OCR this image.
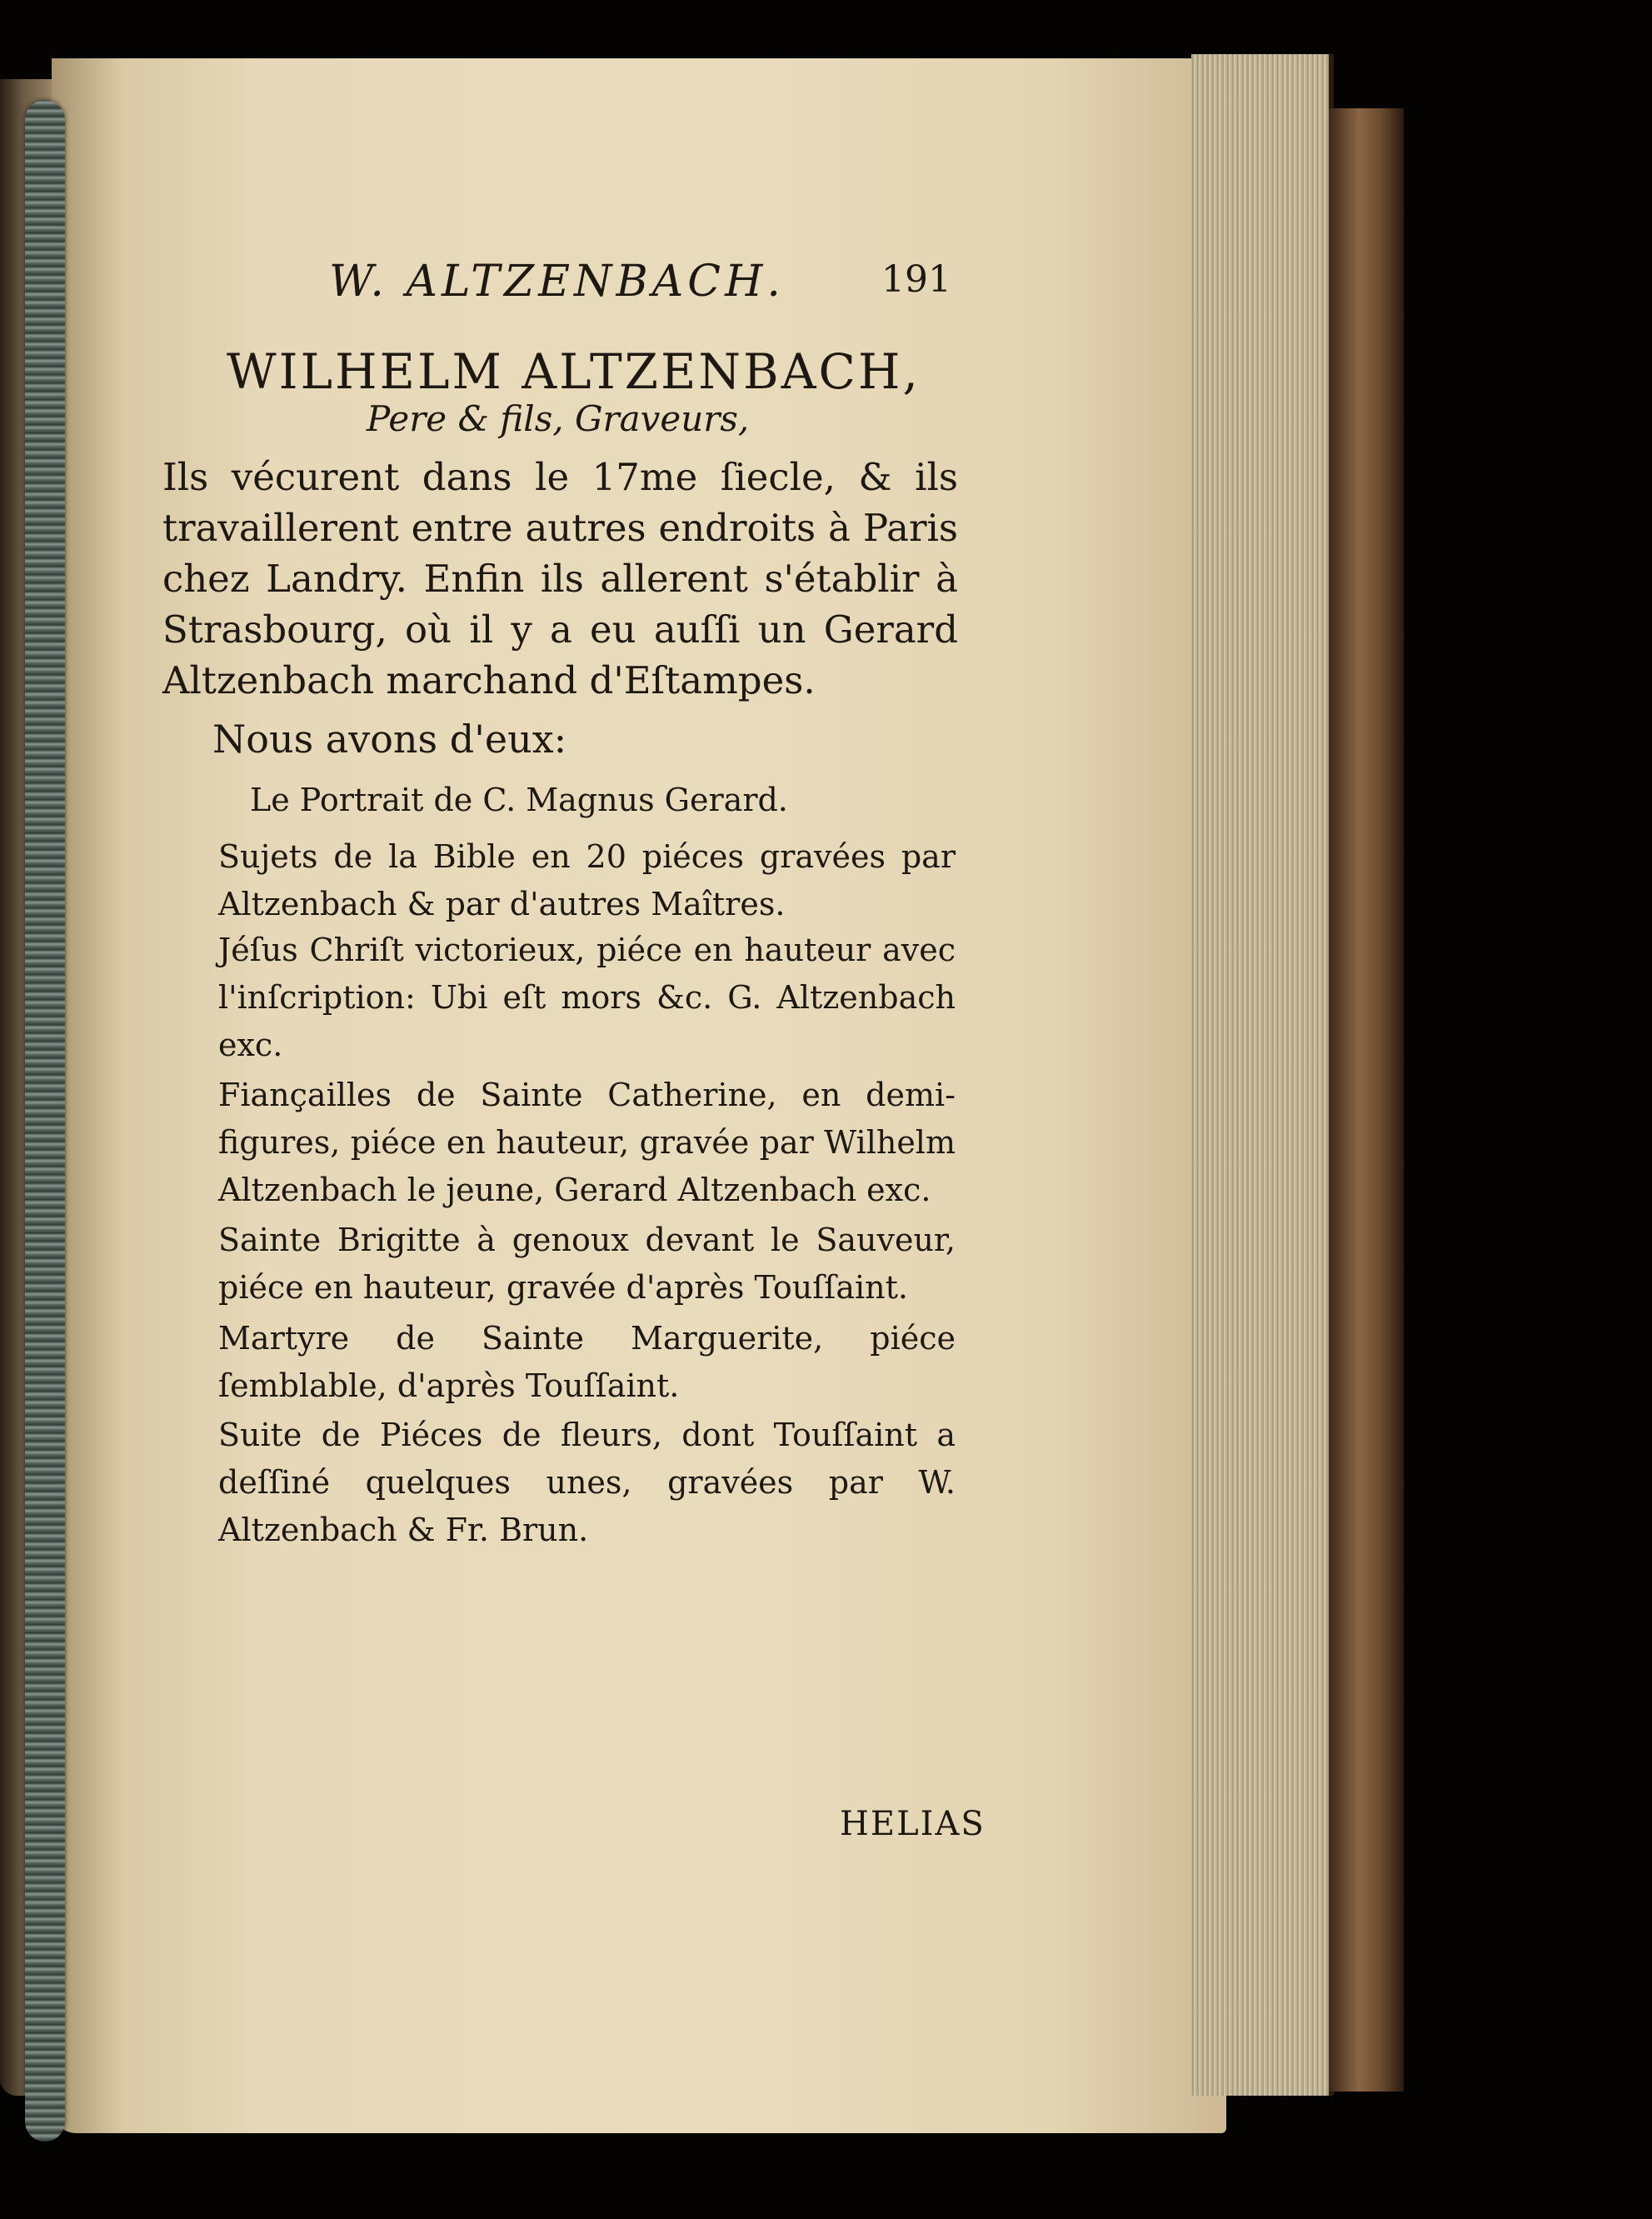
W. ALTZENBACH.	191

WILHELM ALTZENBACH,

Pere & fils, Graveurs,

Ils vécurent dans le 17me ſiecle, & ils travaillerent entre autres endroits à Paris chez Landry. Enfin ils allerent s'établir à Strasbourg, où il y a eu auſſi un Gerard Altzenbach marchand d'Eſtampes.

Nous avons d'eux:

Le Portrait de C. Magnus Gerard.

Sujets de la Bible en 20 piéces gravées par Altzenbach & par d'autres Maîtres.

Jéſus Chriſt victorieux, piéce en hauteur avec l'inſcription: Ubi eſt mors &c. G. Altzenbach exc.

Fiançailles de Sainte Catherine, en demi-figures, piéce en hauteur, gravée par Wilhelm Altzenbach le jeune, Gerard Altzenbach exc.

Sainte Brigitte à genoux devant le Sauveur, piéce en hauteur, gravée d'après Touſſaint.

Martyre de Sainte Marguerite, piéce ſemblable, d'après Touſſaint.

Suite de Piéces de fleurs, dont Touſſaint a deſſiné quelques unes, gravées par W. Altzenbach & Fr. Brun.

HELIAS
